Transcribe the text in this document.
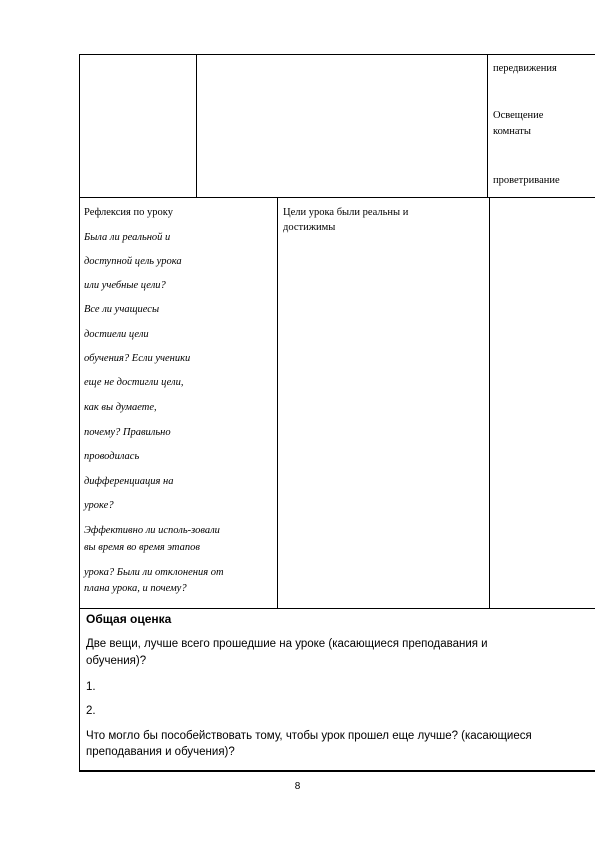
передвижения
Освещение
комнаты
проветривание
Рефлексия по уроку
Была ли реальной и
доступной цель урока
или учебные цели?
Все ли учащиесы
достиели цели
обучения? Если ученики
еще не достигли цели,
как вы думаете,
почему? Правильно
проводилась
дифференциация на
уроке?
Эффективно ли исполь-зовали
вы время во время этапов
урока? Были ли отклонения от
плана урока, и почему?
Цели урока были реальны и
достижимы
Общая оценка
Две вещи, лучше всего прошедшие на уроке (касающиеся преподавания и
обучения)?
1.
2.
Что могло бы пособействовать тому, чтобы урок прошел еще лучше? (касающиеся
преподавания и обучения)?
8
